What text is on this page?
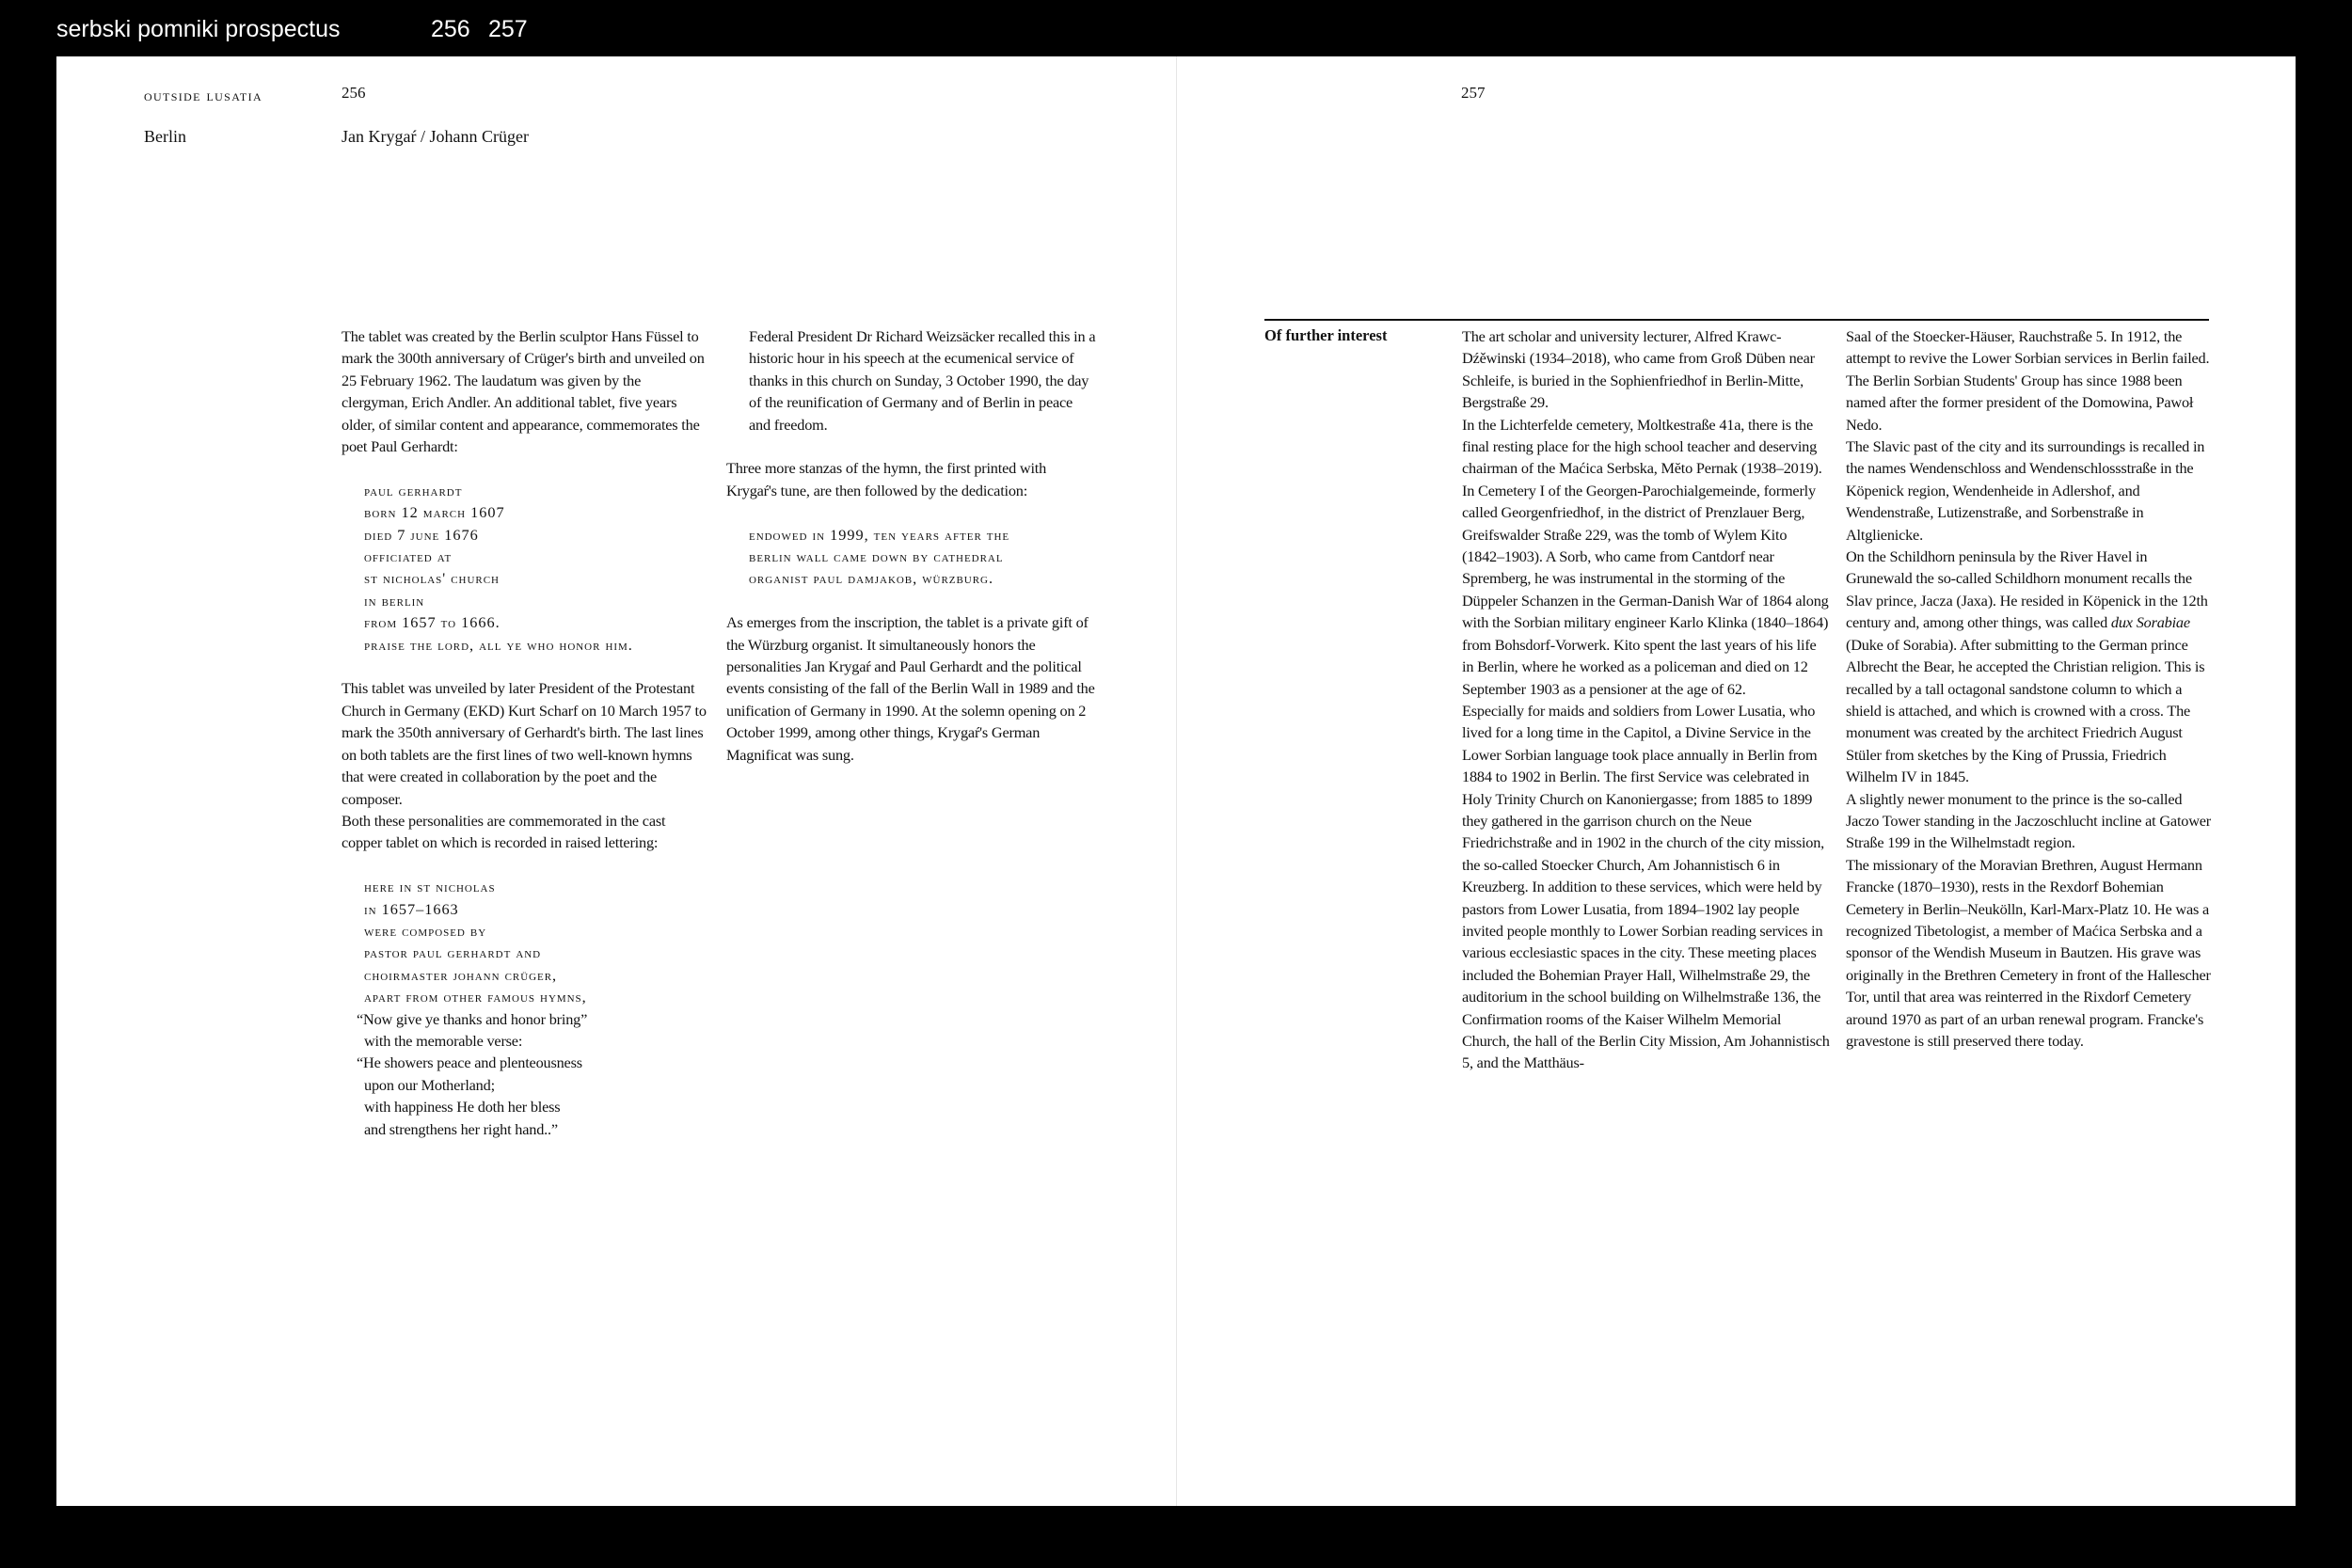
serbski pomniki prospectus	256 257
outside lusatia	256
Berlin	Jan Krygaŕ / Johann Crüger

The tablet was created by the Berlin sculptor Hans Füssel to mark the 300th anniversary of Crüger's birth and unveiled on 25 February 1962. The laudatum was given by the clergyman, Erich Andler. An additional tablet, five years older, of similar content and appearance, commemorates the poet Paul Gerhardt:

paul gerhardt
born 12 march 1607
died 7 june 1676
officiated at
st nicholas' church
in berlin
from 1657 to 1666.
praise the lord, all ye who honor him.

This tablet was unveiled by later President of the Protestant Church in Germany (EKD) Kurt Scharf on 10 March 1957 to mark the 350th anniversary of Gerhardt's birth. The last lines on both tablets are the first lines of two well-known hymns that were created in collaboration by the poet and the composer.

Both these personalities are commemorated in the cast copper tablet on which is recorded in raised lettering:

here in st nicholas
in 1657–1663
were composed by
pastor paul gerhardt and
choirmaster johann crüger,
apart from other famous hymns,
“Now give ye thanks and honor bring”
with the memorable verse:
“He showers peace and plenteousness
upon our Motherland;
with happiness He doth her bless
and strengthens her right hand..”

Federal President Dr Richard Weizsäcker recalled this in a historic hour in his speech at the ecumenical service of thanks in this church on Sunday, 3 October 1990, the day of the reunification of Germany and of Berlin in peace and freedom.

Three more stanzas of the hymn, the first printed with Krygaŕ's tune, are then followed by the dedication:

endowed in 1999, ten years after the
berlin wall came down by cathedral
organist paul damjakob, würzburg.

As emerges from the inscription, the tablet is a private gift of the Würzburg organist. It simultaneously honors the personalities Jan Krygaŕ and Paul Gerhardt and the political events consisting of the fall of the Berlin Wall in 1989 and the unification of Germany in 1990. At the solemn opening on 2 October 1999, among other things, Krygaŕ's German Magnificat was sung.

257
Of further interest	The art scholar and university lecturer, Alfred Krawc-Dźěwinski (1934–2018), who came from Groß Düben near Schleife, is buried in the Sophienfriedhof in Berlin-Mitte, Bergstraße 29.

In the Lichterfelde cemetery, Moltkestraße 41a, there is the final resting place for the high school teacher and deserving chairman of the Maćica Serbska, Mĕto Pernak (1938–2019).

In Cemetery I of the Georgen-Parochialgemeinde, formerly called Georgenfriedhof, in the district of Prenzlauer Berg, Greifswalder Straße 229, was the tomb of Wylem Kito (1842–1903). A Sorb, who came from Cantdorf near Spremberg, he was instrumental in the storming of the Düppeler Schanzen in the German-Danish War of 1864 along with the Sorbian military engineer Karlo Klinka (1840–1864) from Bohsdorf-Vorwerk. Kito spent the last years of his life in Berlin, where he worked as a policeman and died on 12 September 1903 as a pensioner at the age of 62.

Especially for maids and soldiers from Lower Lusatia, who lived for a long time in the Capitol, a Divine Service in the Lower Sorbian language took place annually in Berlin from 1884 to 1902 in Berlin. The first Service was celebrated in Holy Trinity Church on Kanoniergasse; from 1885 to 1899 they gathered in the garrison church on the Neue Friedrichstraße and in 1902 in the church of the city mission, the so-called Stoecker Church, Am Johannistisch 6 in Kreuzberg. In addition to these services, which were held by pastors from Lower Lusatia, from 1894–1902 lay people invited people monthly to Lower Sorbian reading services in various ecclesiastic spaces in the city. These meeting places included the Bohemian Prayer Hall, Wilhelmstraße 29, the auditorium in the school building on Wilhelmstraße 136, the Confirmation rooms of the Kaiser Wilhelm Memorial Church, the hall of the Berlin City Mission, Am Johannistisch 5, and the Matthäus-

Saal of the Stoecker-Häuser, Rauchstraße 5. In 1912, the attempt to revive the Lower Sorbian services in Berlin failed.

The Berlin Sorbian Students' Group has since 1988 been named after the former president of the Domowina, Pawoł Nedo.

The Slavic past of the city and its surroundings is recalled in the names Wendenschloss and Wendenschlossstraße in the Köpenick region, Wendenheide in Adlershof, and Wendenstraße, Lutizenstraße, and Sorbenstraße in Altglienicke.

On the Schildhorn peninsula by the River Havel in Grunewald the so-called Schildhorn monument recalls the Slav prince, Jacza (Jaxa). He resided in Köpenick in the 12th century and, among other things, was called dux Sorabiae (Duke of Sorabia). After submitting to the German prince Albrecht the Bear, he accepted the Christian religion. This is recalled by a tall octagonal sandstone column to which a shield is attached, and which is crowned with a cross. The monument was created by the architect Friedrich August Stüler from sketches by the King of Prussia, Friedrich Wilhelm IV in 1845.

A slightly newer monument to the prince is the so-called Jaczo Tower standing in the Jaczoschlucht incline at Gatower Straße 199 in the Wilhelmstadt region.

The missionary of the Moravian Brethren, August Hermann Francke (1870–1930), rests in the Rexdorf Bohemian Cemetery in Berlin–Neukölln, Karl-Marx-Platz 10. He was a recognized Tibetologist, a member of Maćica Serbska and a sponsor of the Wendish Museum in Bautzen. His grave was originally in the Brethren Cemetery in front of the Hallescher Tor, until that area was reinterred in the Rixdorf Cemetery around 1970 as part of an urban renewal program. Francke's gravestone is still preserved there today.
